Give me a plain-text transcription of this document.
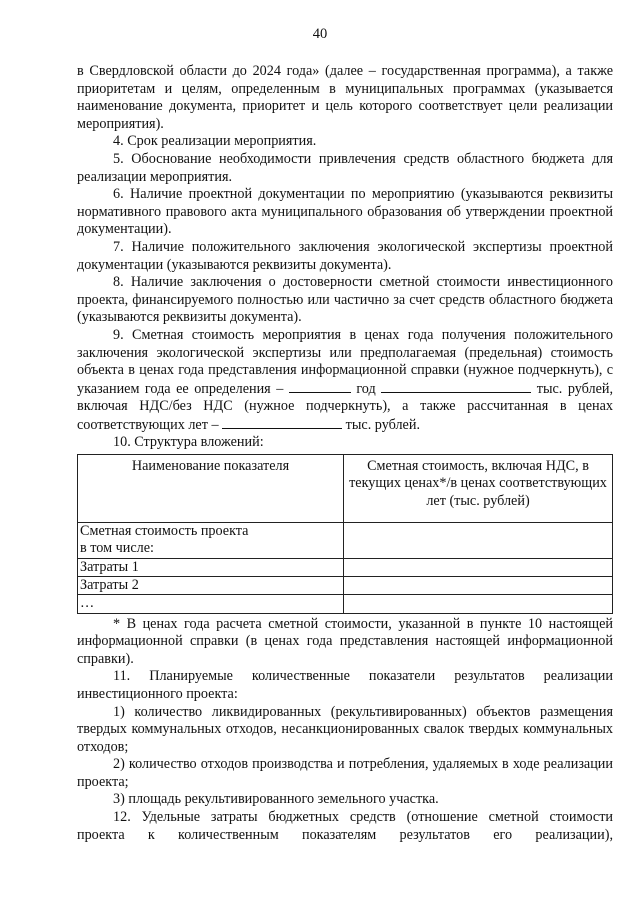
40

в Свердловской области до 2024 года» (далее – государственная программа), а также приоритетам и целям, определенным в муниципальных программах (указывается наименование документа, приоритет и цель которого соответствует цели реализации мероприятия).

4. Срок реализации мероприятия.

5. Обоснование необходимости привлечения средств областного бюджета для реализации мероприятия.

6. Наличие проектной документации по мероприятию (указываются реквизиты нормативного правового акта муниципального образования об утверждении проектной документации).

7. Наличие положительного заключения экологической экспертизы проектной документации (указываются реквизиты документа).

8. Наличие заключения о достоверности сметной стоимости инвестиционного проекта, финансируемого полностью или частично за счет средств областного бюджета (указываются реквизиты документа).

9. Сметная стоимость мероприятия в ценах года получения положительного заключения экологической экспертизы или предполагаемая (предельная) стоимость объекта в ценах года представления информационной справки (нужное подчеркнуть), с указанием года ее определения –	год	тыс. рублей, включая НДС/без НДС (нужное подчеркнуть), а также рассчитанная в ценах соответствующих лет –	тыс. рублей.

10. Структура вложений:

Наименование показателя	Сметная стоимость, включая НДС, в текущих ценах*/в ценах соответствующих лет (тыс. рублей)

Сметная стоимость проекта
в том числе:	

Затраты 1	
Затраты 2	
…	

* В ценах года расчета сметной стоимости, указанной в пункте 10 настоящей информационной справки (в ценах года представления настоящей информационной справки).

11. Планируемые количественные показатели результатов реализации инвестиционного проекта:

1) количество ликвидированных (рекультивированных) объектов размещения твердых коммунальных отходов, несанкционированных свалок твердых коммунальных отходов;

2) количество отходов производства и потребления, удаляемых в ходе реализации проекта;

3) площадь рекультивированного земельного участка.

12. Удельные затраты бюджетных средств (отношение сметной стоимости проекта к количественным показателям результатов его реализации),
